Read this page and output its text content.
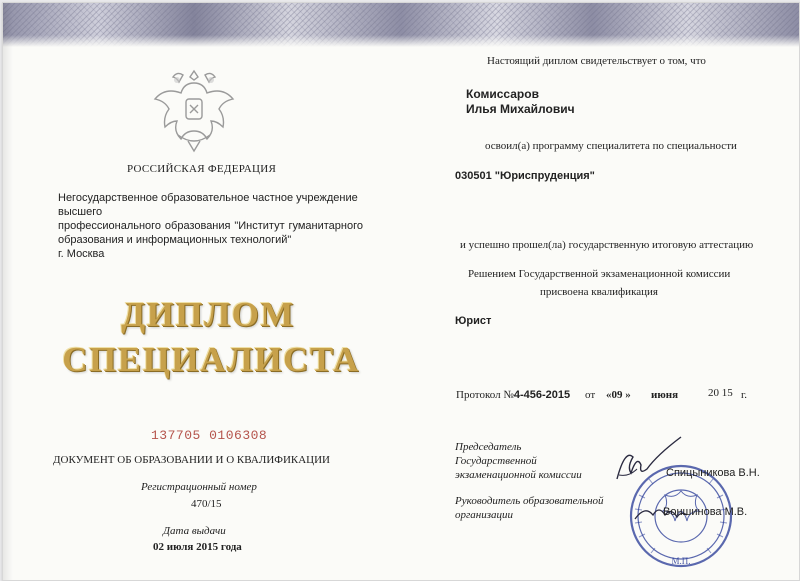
РОССИЙСКАЯ ФЕДЕРАЦИЯ
Негосударственное образовательное частное учреждение высшего
профессионального образования "Институт гуманитарного
образования и информационных технологий"
г. Москва
ДИПЛОМ
СПЕЦИАЛИСТА
137705 0106308
ДОКУМЕНТ ОБ ОБРАЗОВАНИИ И О КВАЛИФИКАЦИИ
Регистрационный номер
470/15
Дата выдачи
02 июля 2015 года
Настоящий диплом свидетельствует о том, что
Комиссаров
Илья Михайлович
освоил(а) программу специалитета по специальности
030501 "Юриспруденция"
и успешно прошел(ла) государственную итоговую аттестацию
Решением Государственной экзаменационной комиссии
присвоена квалификация
Юрист
Протокол №4-456-2015 от «09 » июня	20 15 г.
Председатель
Государственной
экзаменационной комиссии
Руководитель образовательной
организации
М.П.
Спицыникова В.Н.
Воншинова М.В.
